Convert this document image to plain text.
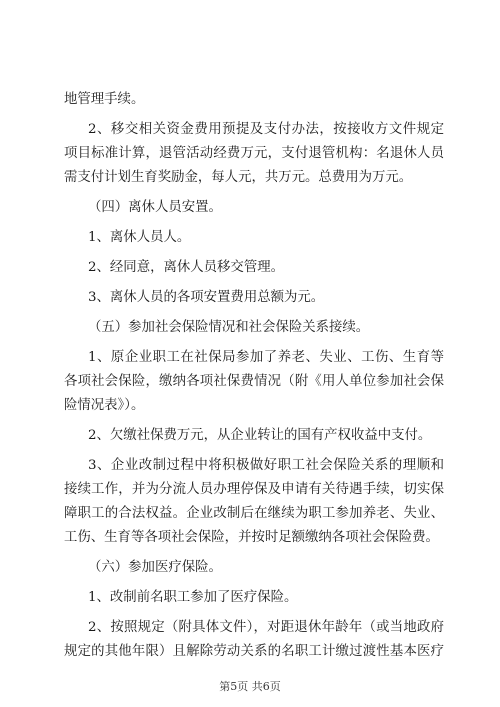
地管理手续。
2、移交相关资金费用预提及支付办法，按接收方文件规定
项目标准计算，退管活动经费万元，支付退管机构：名退休人员
需支付计划生育奖励金，每人元，共万元。总费用为万元。
（四）离休人员安置。
1、离休人员人。
2、经同意，离休人员移交管理。
3、离休人员的各项安置费用总额为元。
（五）参加社会保险情况和社会保险关系接续。
1、原企业职工在社保局参加了养老、失业、工伤、生育等
各项社会保险，缴纳各项社保费情况（附《用人单位参加社会保
险情况表》）。
2、欠缴社保费万元，从企业转让的国有产权收益中支付。
3、企业改制过程中将积极做好职工社会保险关系的理顺和
接续工作，并为分流人员办理停保及申请有关待遇手续，切实保
障职工的合法权益。企业改制后在继续为职工参加养老、失业、
工伤、生育等各项社会保险，并按时足额缴纳各项社会保险费。
（六）参加医疗保险。
1、改制前名职工参加了医疗保险。
2、按照规定（附具体文件），对距退休年龄年（或当地政府
规定的其他年限）且解除劳动关系的名职工计缴过渡性基本医疗
第5页 共6页
